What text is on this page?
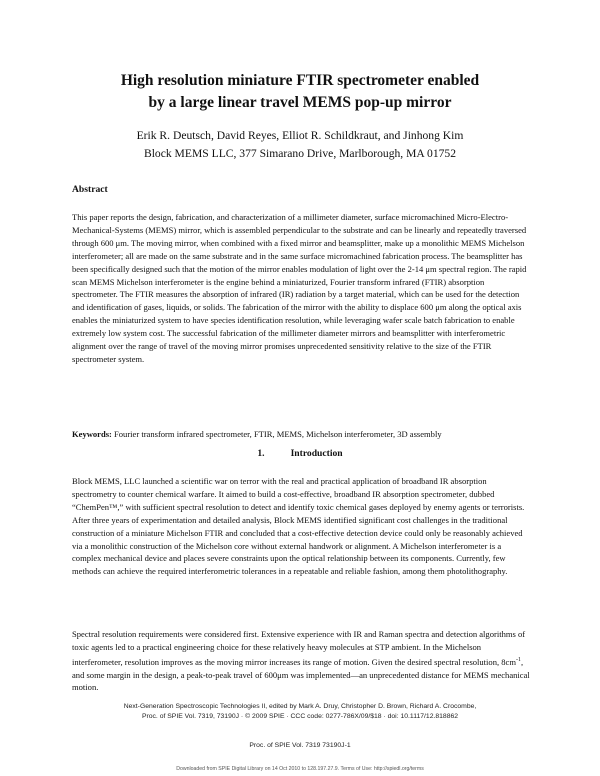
High resolution miniature FTIR spectrometer enabled
by a large linear travel MEMS pop-up mirror
Erik R. Deutsch, David Reyes, Elliot R. Schildkraut, and Jinhong Kim
Block MEMS LLC, 377 Simarano Drive, Marlborough, MA 01752
Abstract

This paper reports the design, fabrication, and characterization of a millimeter diameter, surface micromachined Micro-Electro-Mechanical-Systems (MEMS) mirror, which is assembled perpendicular to the substrate and can be linearly and repeatedly traversed through 600 μm. The moving mirror, when combined with a fixed mirror and beamsplitter, make up a monolithic MEMS Michelson interferometer; all are made on the same substrate and in the same surface micromachined fabrication process. The beamsplitter has been specifically designed such that the motion of the mirror enables modulation of light over the 2-14 μm spectral region. The rapid scan MEMS Michelson interferometer is the engine behind a miniaturized, Fourier transform infrared (FTIR) absorption spectrometer. The FTIR measures the absorption of infrared (IR) radiation by a target material, which can be used for the detection and identification of gases, liquids, or solids. The fabrication of the mirror with the ability to displace 600 μm along the optical axis enables the miniaturized system to have species identification resolution, while leveraging wafer scale batch fabrication to enable extremely low system cost. The successful fabrication of the millimeter diameter mirrors and beamsplitter with interferometric alignment over the range of travel of the moving mirror promises unprecedented sensitivity relative to the size of the FTIR spectrometer system.

Keywords: Fourier transform infrared spectrometer, FTIR, MEMS, Michelson interferometer, 3D assembly
1.	Introduction

Block MEMS, LLC launched a scientific war on terror with the real and practical application of broadband IR absorption spectrometry to counter chemical warfare. It aimed to build a cost-effective, broadband IR absorption spectrometer, dubbed “ChemPen™,” with sufficient spectral resolution to detect and identify toxic chemical gases deployed by enemy agents or terrorists. After three years of experimentation and detailed analysis, Block MEMS identified significant cost challenges in the traditional construction of a miniature Michelson FTIR and concluded that a cost-effective detection device could only be reasonably achieved via a monolithic construction of the Michelson core without external handwork or alignment. A Michelson interferometer is a complex mechanical device and places severe constraints upon the optical relationship between its components. Currently, few methods can achieve the required interferometric tolerances in a repeatable and reliable fashion, among them photolithography.

Spectral resolution requirements were considered first. Extensive experience with IR and Raman spectra and detection algorithms of toxic agents led to a practical engineering choice for these relatively heavy molecules at STP ambient. In the Michelson interferometer, resolution improves as the moving mirror increases its range of motion. Given the desired spectral resolution, $8cm^{-1}$, and some margin in the design, a peak-to-peak travel of 600μm was implemented—an unprecedented distance for MEMS mechanical motion.

Next-Generation Spectroscopic Technologies II, edited by Mark A. Druy, Christopher D. Brown, Richard A. Crocombe,
Proc. of SPIE Vol. 7319, 73190J · © 2009 SPIE · CCC code: 0277-786X/09/$18 · doi: 10.1117/12.818862
Proc. of SPIE Vol. 7319 73190J-1
Downloaded from SPIE Digital Library on 14 Oct 2010 to 128.197.27.9. Terms of Use: http://spiedl.org/terms
